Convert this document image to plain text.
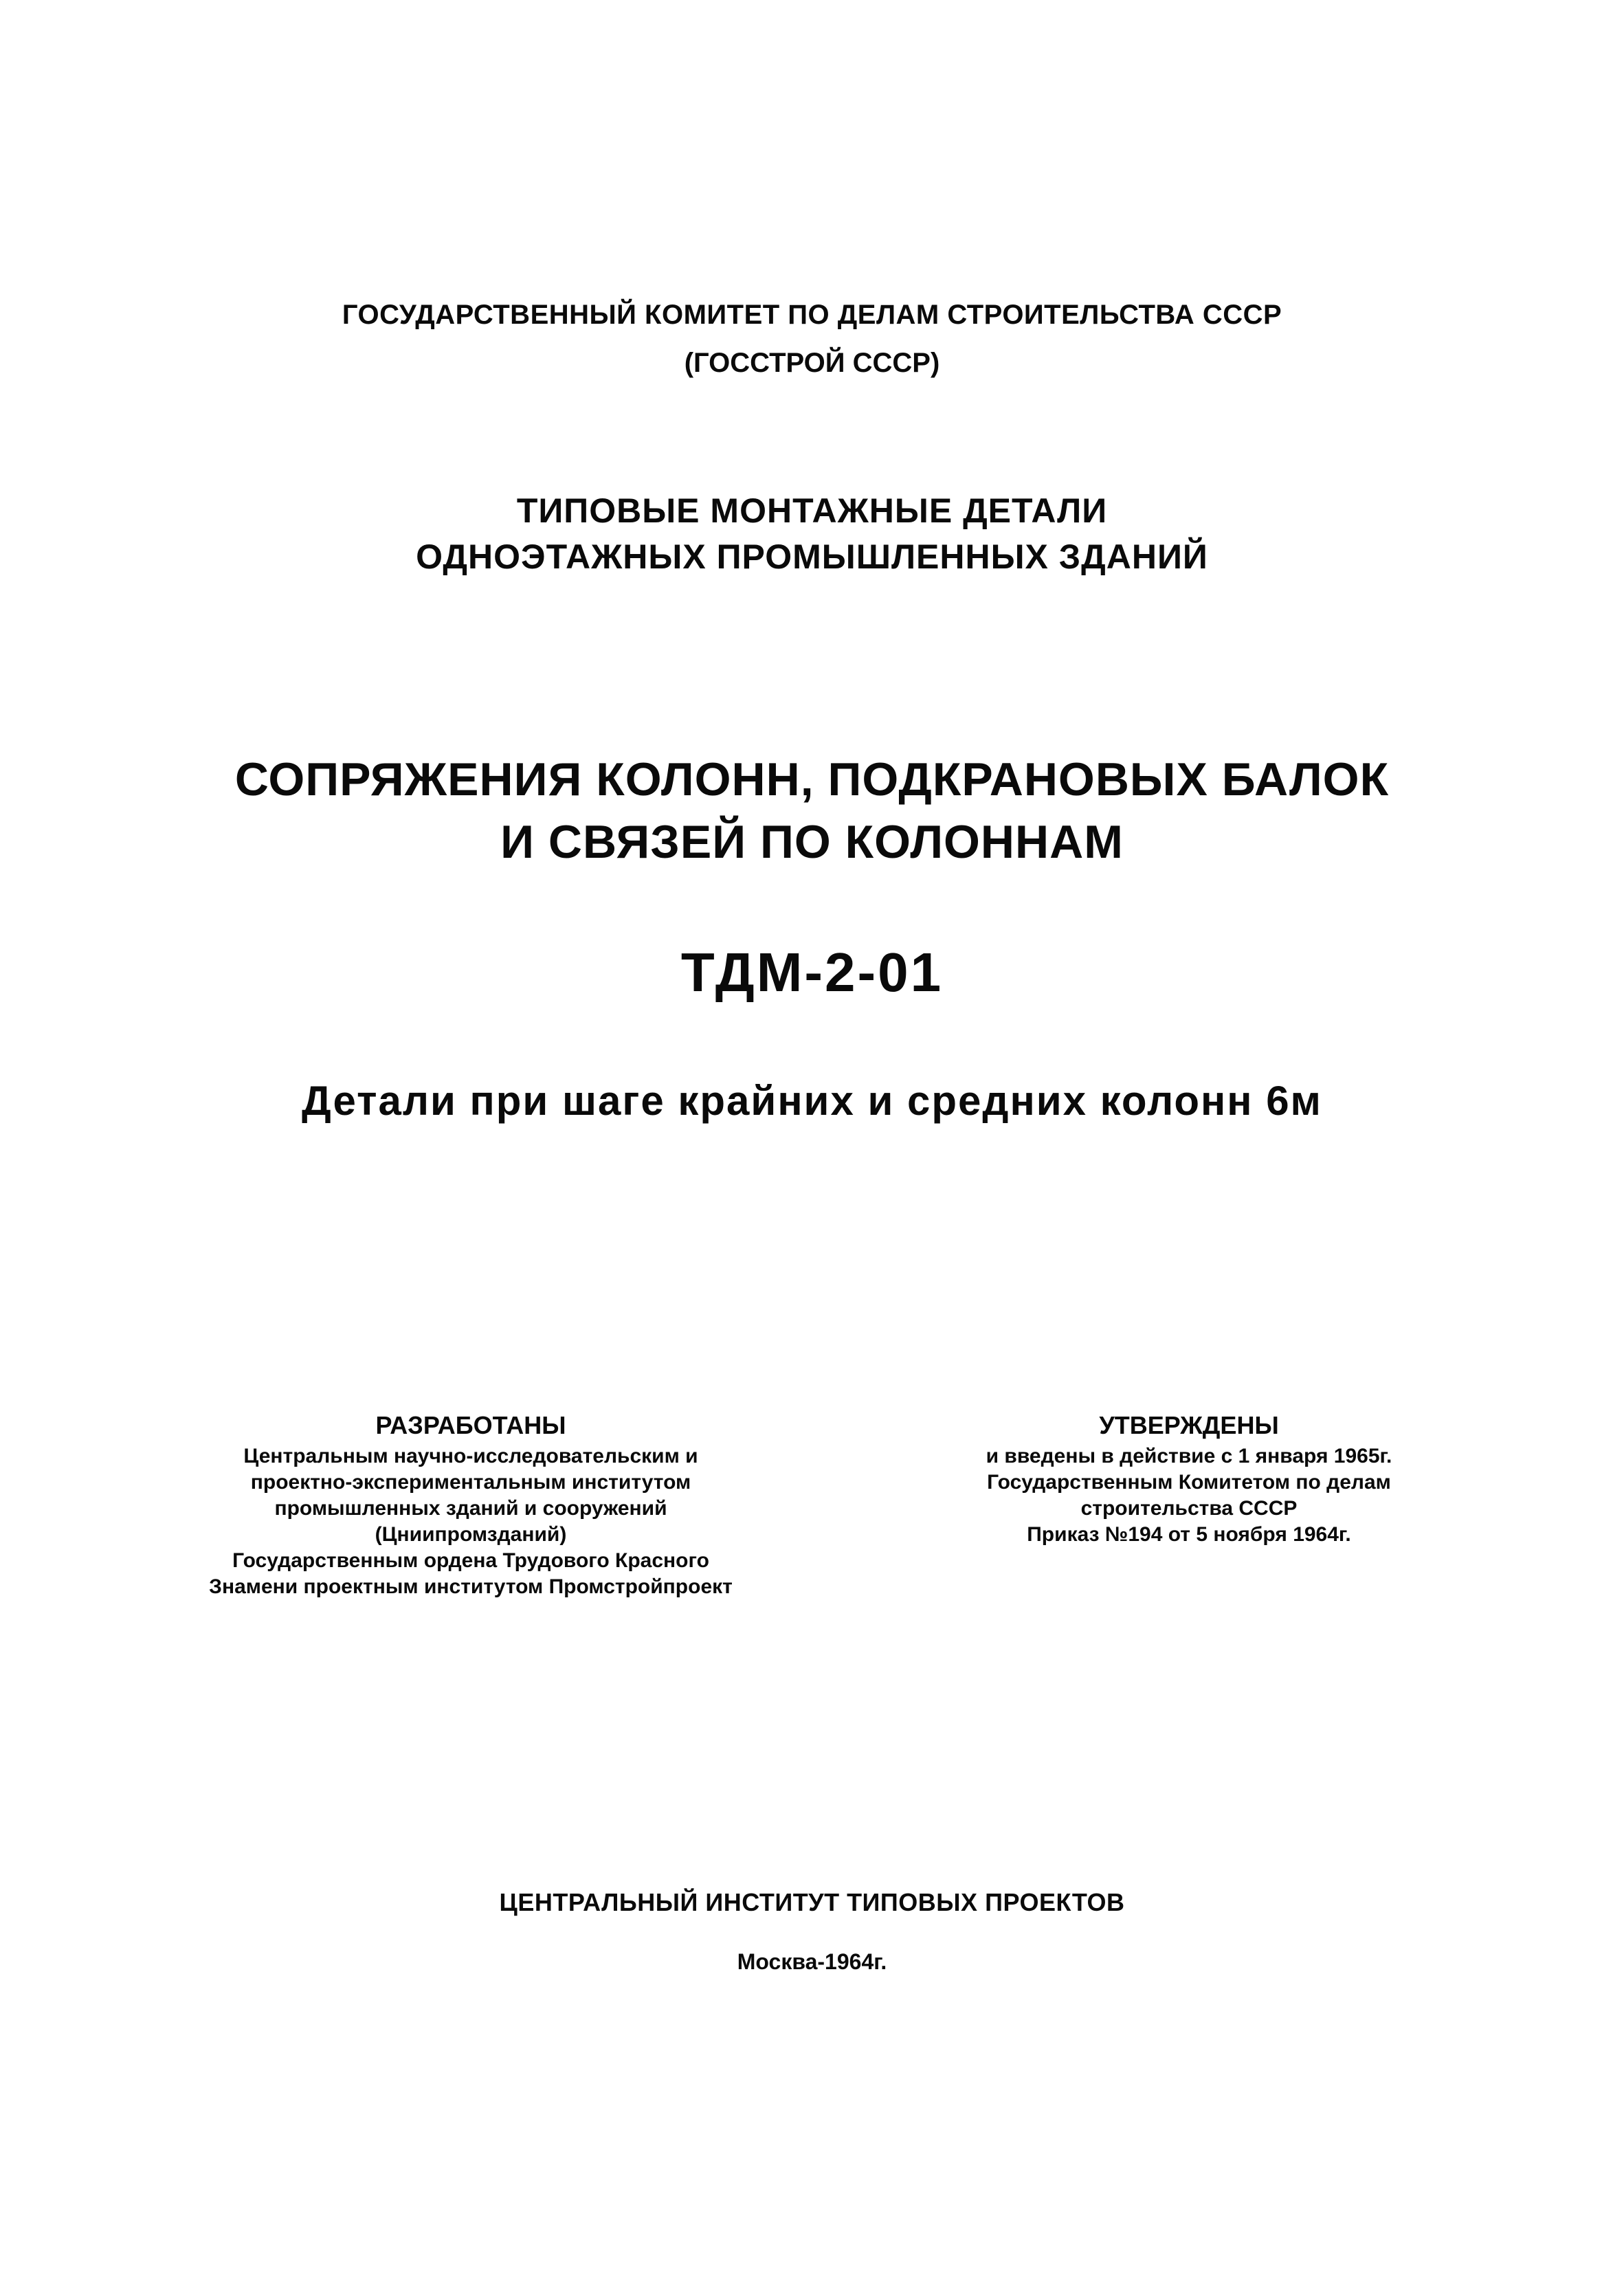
ГОСУДАРСТВЕННЫЙ КОМИТЕТ ПО ДЕЛАМ СТРОИТЕЛЬСТВА СССР
(ГОССТРОЙ СССР)
ТИПОВЫЕ МОНТАЖНЫЕ ДЕТАЛИ
ОДНОЭТАЖНЫХ ПРОМЫШЛЕННЫХ ЗДАНИЙ
СОПРЯЖЕНИЯ КОЛОНН, ПОДКРАНОВЫХ БАЛОК
И СВЯЗЕЙ ПО КОЛОННАМ
ТДМ-2-01
Детали при шаге крайних и средних колонн 6м
РАЗРАБОТАНЫ
Центральным научно-исследовательским и
проектно-экспериментальным институтом
промышленных зданий и сооружений
(Цниипромзданий)
Государственным ордена Трудового Красного
Знамени проектным институтом Промстройпроект
УТВЕРЖДЕНЫ
и введены в действие с 1 января 1965г.
Государственным Комитетом по делам
строительства СССР
Приказ №194 от 5 ноября 1964г.
ЦЕНТРАЛЬНЫЙ ИНСТИТУТ ТИПОВЫХ ПРОЕКТОВ
Москва-1964г.
